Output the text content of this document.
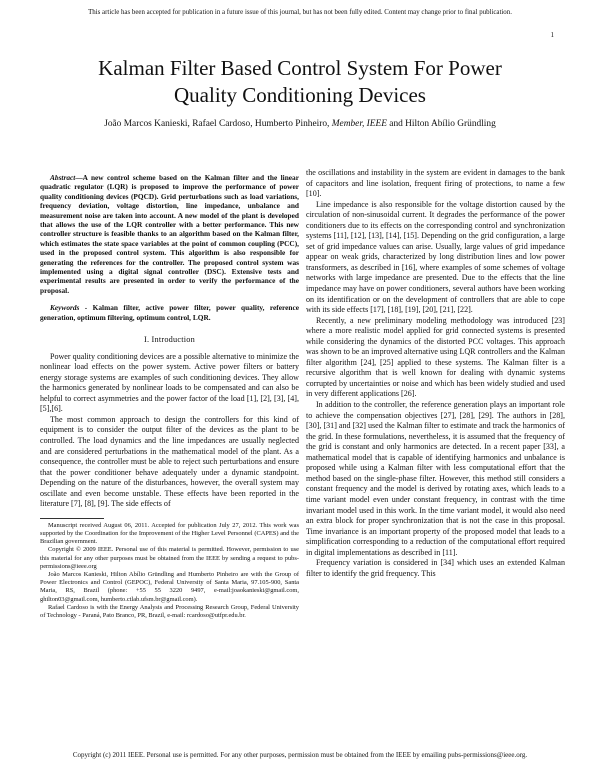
This article has been accepted for publication in a future issue of this journal, but has not been fully edited. Content may change prior to final publication.
1
Kalman Filter Based Control System For Power
Quality Conditioning Devices
João Marcos Kanieski, Rafael Cardoso, Humberto Pinheiro, Member, IEEE and Hilton Abílio Gründling

Abstract—A new control scheme based on the Kalman filter and the linear quadratic regulator (LQR) is proposed to improve the performance of power quality conditioning devices (PQCD). Grid perturbations such as load variations, frequency deviation, voltage distortion, line impedance, unbalance and measurement noise are taken into account. A new model of the plant is developed that allows the use of the LQR controller with a better performance. This new controller structure is feasible thanks to an algorithm based on the Kalman filter, which estimates the state space variables at the point of common coupling (PCC), used in the proposed control system. This algorithm is also responsible for generating the references for the controller. The proposed control system was implemented using a digital signal controller (DSC). Extensive tests and experimental results are presented in order to verify the performance of the proposal.

Keywords - Kalman filter, active power filter, power quality, reference generation, optimum filtering, optimum control, LQR.

I. Introduction

Power quality conditioning devices are a possible alternative to minimize the nonlinear load effects on the power system. Active power filters or battery energy storage systems are examples of such conditioning devices. They allow the harmonics generated by nonlinear loads to be compensated and can also be helpful to correct asymmetries and the power factor of the load [1], [2], [3], [4], [5],[6].

The most common approach to design the controllers for this kind of equipment is to consider the output filter of the devices as the plant to be controlled. The load dynamics and the line impedances are usually neglected and are considered perturbations in the mathematical model of the plant. As a consequence, the controller must be able to reject such perturbations and ensure that the power conditioner behave adequately under a dynamic standpoint. Depending on the nature of the disturbances, however, the overall system may oscillate and even become unstable. These effects have been reported in the literature [7], [8], [9]. The side effects of

Manuscript received August 06, 2011. Accepted for publication July 27, 2012. This work was supported by the Coordination for the Improvement of the Higher Level Personnel (CAPES) and the Brazilian government.

Copyright © 2009 IEEE. Personal use of this material is permitted. However, permission to use this material for any other purposes must be obtained from the IEEE by sending a request to pubs-permissions@ieee.org

João Marcos Kanieski, Hilton Abílio Gründling and Humberto Pinheiro are with the Group of Power Electronics and Control (GEPOC), Federal University of Santa Maria, 97.105-900, Santa Maria, RS, Brazil (phone: +55 55 3220 9497, e-mail:joaokanieski@gmail.com, ghilton03@gmail.com, humberto.ctlab.ufsm.br@gmail.com).

Rafael Cardoso is with the Energy Analysis and Processing Research Group, Federal University of Technology - Paraná, Pato Branco, PR, Brazil, e-mail: rcardoso@utfpr.edu.br.

the oscillations and instability in the system are evident in damages to the bank of capacitors and line isolation, frequent firing of protections, to name a few [10].

Line impedance is also responsible for the voltage distortion caused by the circulation of non-sinusoidal current. It degrades the performance of the power conditioners due to its effects on the corresponding control and synchronization systems [11], [12], [13], [14], [15]. Depending on the grid configuration, a large set of grid impedance values can arise. Usually, large values of grid impedance appear on weak grids, characterized by long distribution lines and low power transformers, as described in [16], where examples of some schemes of voltage networks with large impedance are presented. Due to the effects that the line impedance may have on power conditioners, several authors have been working on its identification or on the development of controllers that are able to cope with its side effects [17], [18], [19], [20], [21], [22].

Recently, a new preliminary modeling methodology was introduced [23] where a more realistic model applied for grid connected systems is presented while considering the dynamics of the distorted PCC voltages. This approach was shown to be an improved alternative using LQR controllers and the Kalman filter algorithm [24], [25] applied to these systems. The Kalman filter is a recursive algorithm that is well known for dealing with dynamic systems corrupted by uncertainties or noise and which has been widely studied and used in very different applications [26].

In addition to the controller, the reference generation plays an important role to achieve the compensation objectives [27], [28], [29]. The authors in [28], [30], [31] and [32] used the Kalman filter to estimate and track the harmonics of the grid. In these formulations, nevertheless, it is assumed that the frequency of the grid is constant and only harmonics are detected. In a recent paper [33], a mathematical model that is capable of identifying harmonics and unbalance is proposed while using a Kalman filter with less computational effort that the method based on the single-phase filter. However, this method still considers a constant frequency and the model is derived by rotating axes, which leads to a time variant model even under constant frequency, in contrast with the time invariant model used in this work. In the time variant model, it would also need an extra block for proper synchronization that is not the case in this proposal. Time invariance is an important property of the proposed model that leads to a simplification corresponding to a reduction of the computational effort required in digital implementations as described in [11].

Frequency variation is considered in [34] which uses an extended Kalman filter to identify the grid frequency. This

Copyright (c) 2011 IEEE. Personal use is permitted. For any other purposes, permission must be obtained from the IEEE by emailing pubs-permissions@ieee.org.
